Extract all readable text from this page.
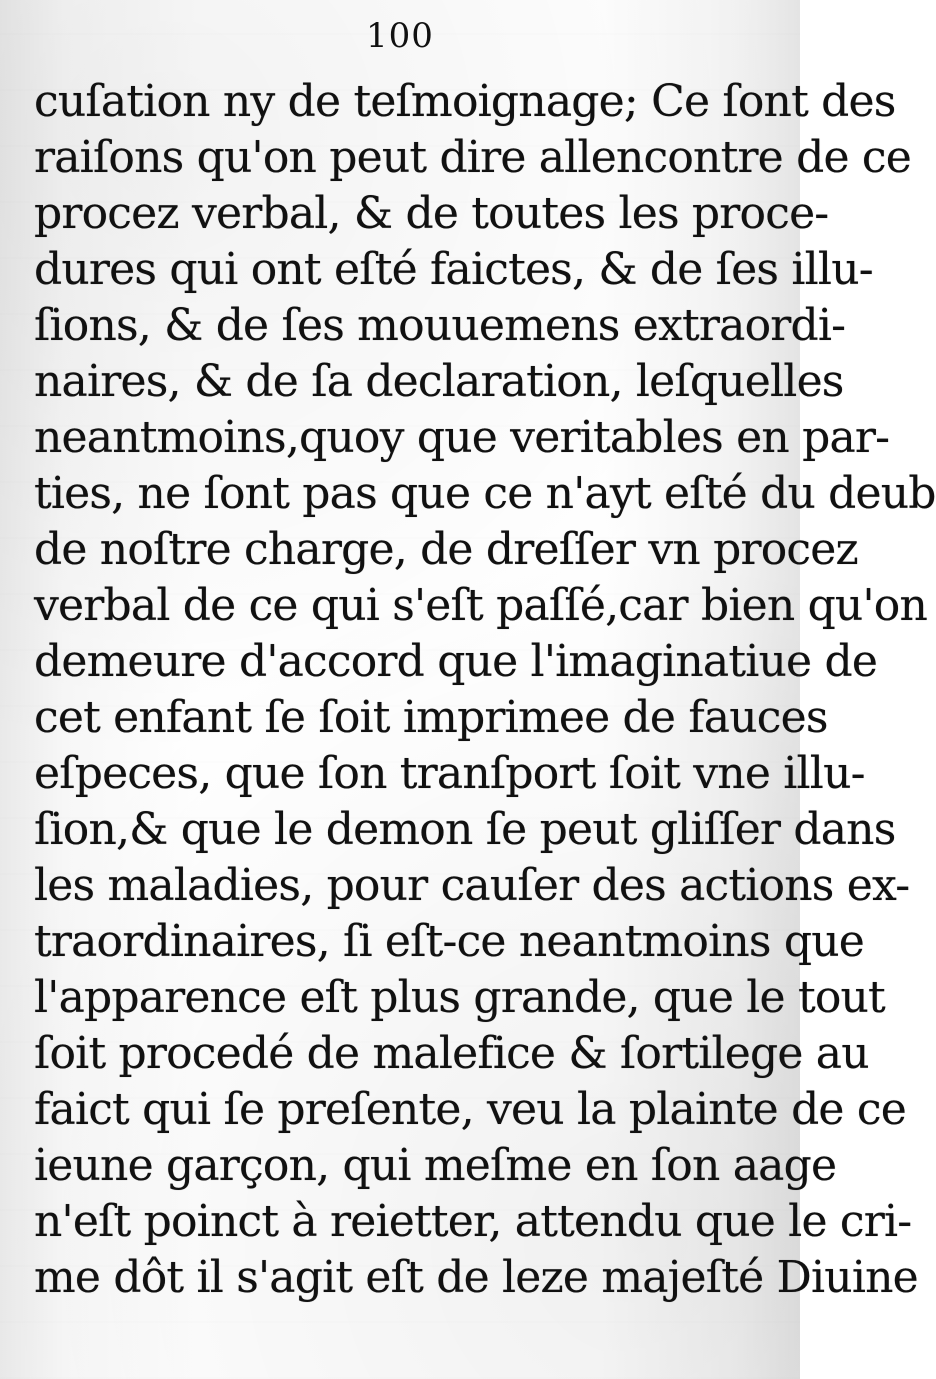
100
cuſation ny de teſmoignage; Ce ſont des
raiſons qu'on peut dire allencontre de ce
procez verbal, & de toutes les proce-
dures qui ont eſté faictes, & de ſes illu-
ſions, & de ſes mouuemens extraordi-
naires, & de ſa declaration, leſquelles
neantmoins,quoy que veritables en par-
ties, ne ſont pas que ce n'ayt eſté du deub
de noſtre charge, de dreſſer vn procez
verbal de ce qui s'eſt paſſé,car bien qu'on
demeure d'accord que l'imaginatiue de
cet enfant ſe ſoit imprimee de fauces
eſpeces, que ſon tranſport ſoit vne illu-
ſion,& que le demon ſe peut gliſſer dans
les maladies, pour cauſer des actions ex-
traordinaires, ſi eſt-ce neantmoins que
l'apparence eſt plus grande, que le tout
ſoit procedé de malefice & ſortilege au
faict qui ſe preſente, veu la plainte de ce
ieune garçon, qui meſme en ſon aage
n'eſt poinct à reietter, attendu que le cri-
me dôt il s'agit eſt de leze majeſté Diuine
